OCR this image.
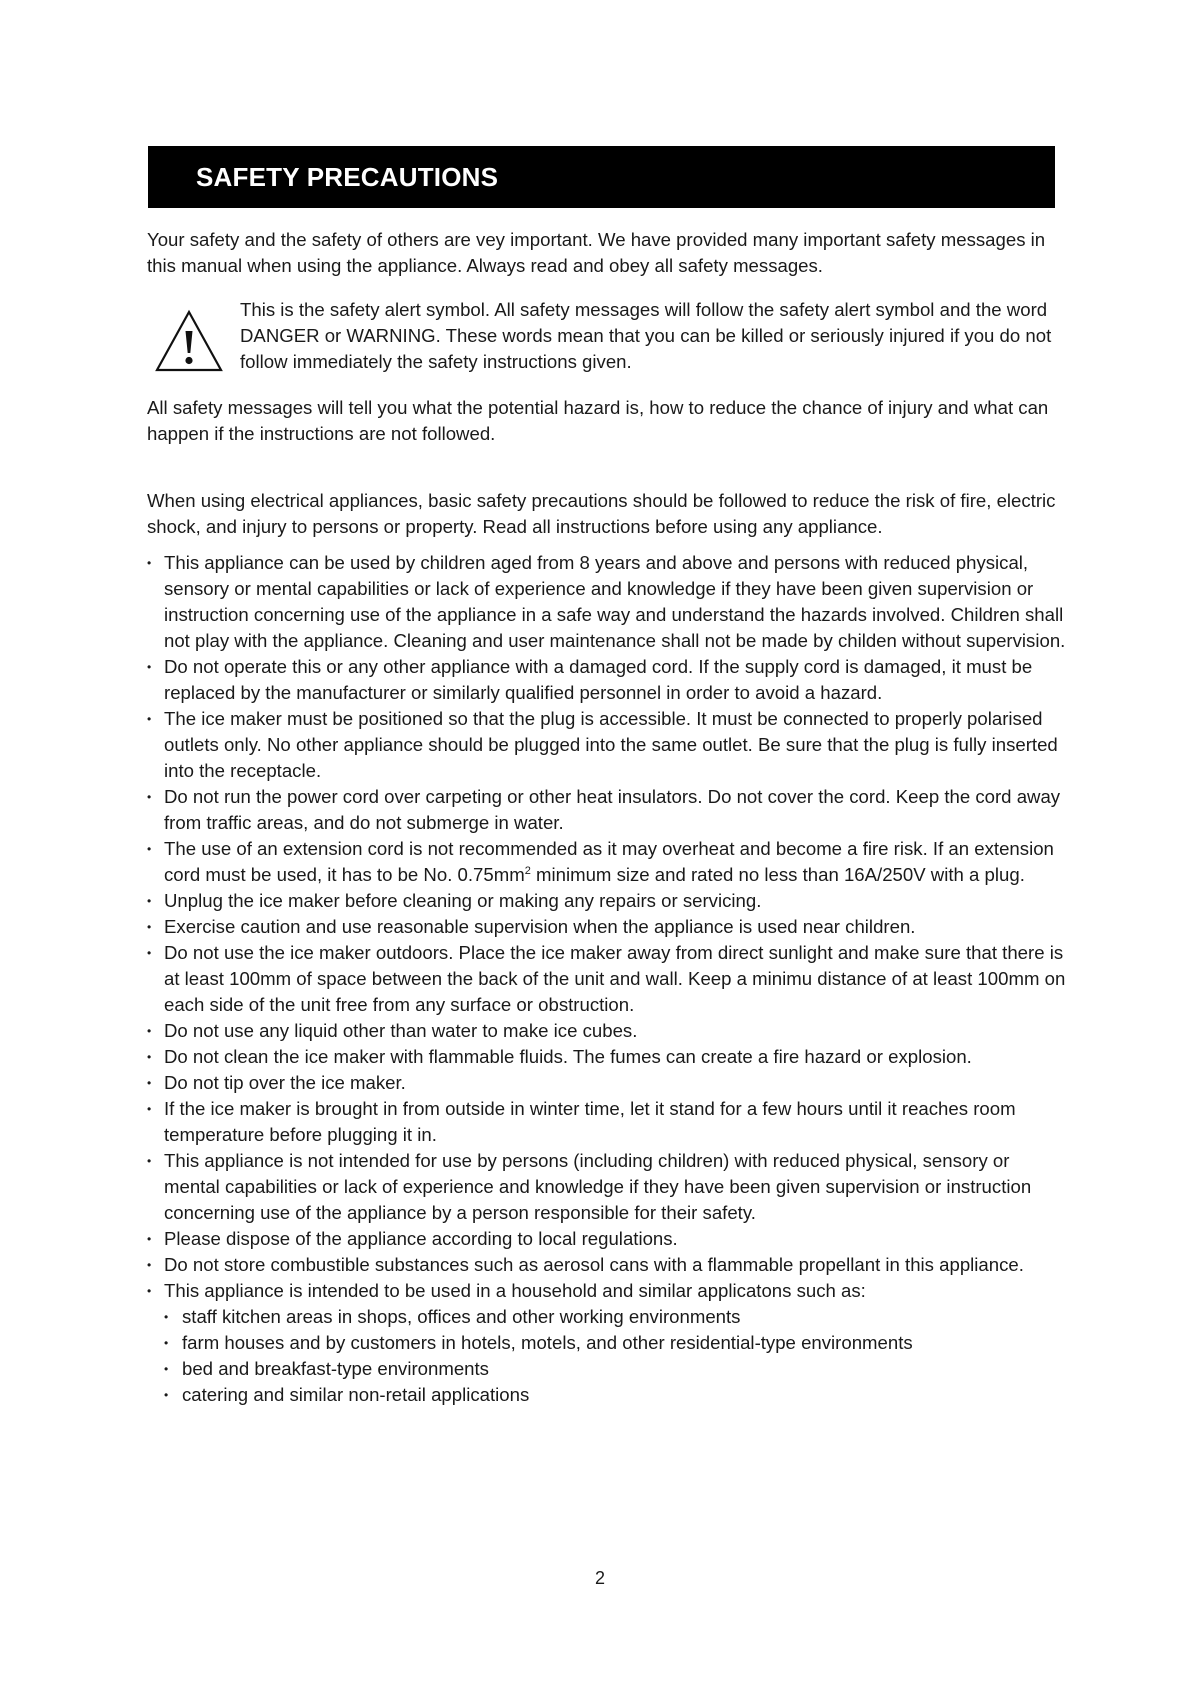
SAFETY PRECAUTIONS

Your safety and the safety of others are vey important. We have provided many important safety messages in this manual when using the appliance. Always read and obey all safety messages.

This is the safety alert symbol. All safety messages will follow the safety alert symbol and the word DANGER or WARNING. These words mean that you can be killed or seriously injured if you do not follow immediately the safety instructions given.

All safety messages will tell you what the potential hazard is, how to reduce the chance of injury and what can happen if the instructions are not followed.

When using electrical appliances, basic safety precautions should be followed to reduce the risk of fire, electric shock, and injury to persons or property. Read all instructions before using any appliance.

• This appliance can be used by children aged from 8 years and above and persons with reduced physical, sensory or mental capabilities or lack of experience and knowledge if they have been given supervision or instruction concerning use of the appliance in a safe way and understand the hazards involved. Children shall not play with the appliance. Cleaning and user maintenance shall not be made by childen without supervision.
• Do not operate this or any other appliance with a damaged cord. If the supply cord is damaged, it must be replaced by the manufacturer or similarly qualified personnel in order to avoid a hazard.
• The ice maker must be positioned so that the plug is accessible. It must be connected to properly polarised outlets only. No other appliance should be plugged into the same outlet. Be sure that the plug is fully inserted into the receptacle.
• Do not run the power cord over carpeting or other heat insulators. Do not cover the cord. Keep the cord away from traffic areas, and do not submerge in water.
• The use of an extension cord is not recommended as it may overheat and become a fire risk. If an extension cord must be used, it has to be No. $0.75mm^2$ minimum size and rated no less than 16A/250V with a plug.
• Unplug the ice maker before cleaning or making any repairs or servicing.
• Exercise caution and use reasonable supervision when the appliance is used near children.
• Do not use the ice maker outdoors. Place the ice maker away from direct sunlight and make sure that there is at least 100mm of space between the back of the unit and wall. Keep a minimu distance of at least 100mm on each side of the unit free from any surface or obstruction.
• Do not use any liquid other than water to make ice cubes.
• Do not clean the ice maker with flammable fluids. The fumes can create a fire hazard or explosion.
• Do not tip over the ice maker.
• If the ice maker is brought in from outside in winter time, let it stand for a few hours until it reaches room temperature before plugging it in.
• This appliance is not intended for use by persons (including children) with reduced physical, sensory or mental capabilities or lack of experience and knowledge if they have been given supervision or instruction concerning use of the appliance by a person responsible for their safety.
• Please dispose of the appliance according to local regulations.
• Do not store combustible substances such as aerosol cans with a flammable propellant in this appliance.
• This appliance is intended to be used in a household and similar applicatons such as:
• staff kitchen areas in shops, offices and other working environments
• farm houses and by customers in hotels, motels, and other residential-type environments
• bed and breakfast-type environments
• catering and similar non-retail applications
2
